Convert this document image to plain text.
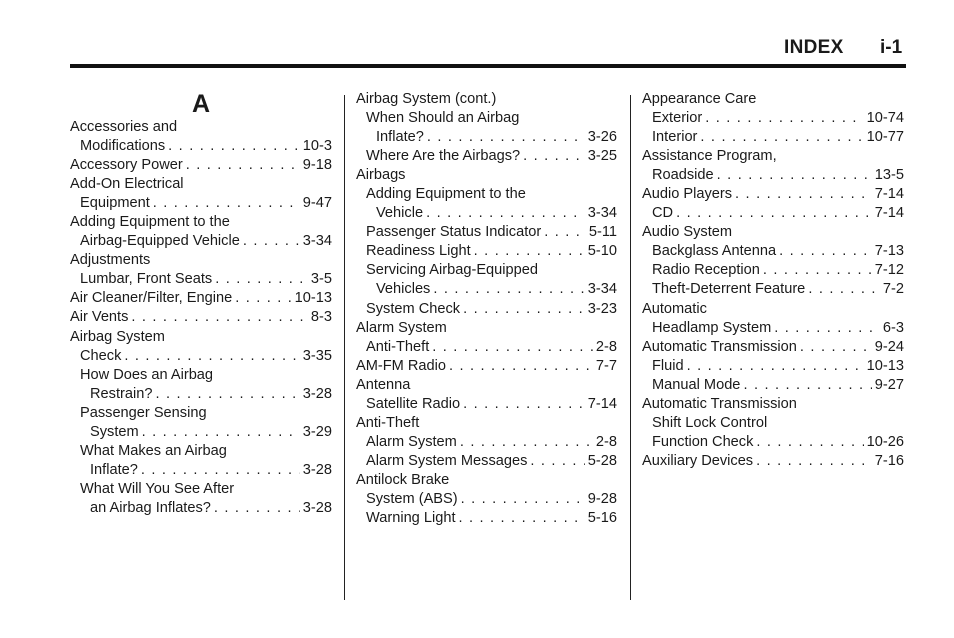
INDEX i-1
A
Accessories and
Modifications . . .	10-3
Accessory Power . . .	9-18
Add-On Electrical
Equipment . . .	9-47
Adding Equipment to the
Airbag-Equipped Vehicle . . .	3-34
Adjustments
Lumbar, Front Seats . . .	3-5
Air Cleaner/Filter, Engine . . .	10-13
Air Vents . . .	8-3
Airbag System
Check . . .	3-35
How Does an Airbag
Restrain? . . .	3-28
Passenger Sensing
System . . .	3-29
What Makes an Airbag
Inflate? . . .	3-28
What Will You See After
an Airbag Inflates? . . .	3-28
Airbag System (cont.)
When Should an Airbag
Inflate? . . .	3-26
Where Are the Airbags? . . .	3-25
Airbags
Adding Equipment to the
Vehicle . . .	3-34
Passenger Status Indicator . . .	5-11
Readiness Light . . .	5-10
Servicing Airbag-Equipped
Vehicles . . .	3-34
System Check . . .	3-23
Alarm System
Anti-Theft . . .	2-8
AM-FM Radio . . .	7-7
Antenna
Satellite Radio . . .	7-14
Anti-Theft
Alarm System . . .	2-8
Alarm System Messages . . .	5-28
Antilock Brake
System (ABS) . . .	9-28
Warning Light . . .	5-16
Appearance Care
Exterior . . .	10-74
Interior . . .	10-77
Assistance Program,
Roadside . . .	13-5
Audio Players . . .	7-14
CD . . .	7-14
Audio System
Backglass Antenna . . .	7-13
Radio Reception . . .	7-12
Theft-Deterrent Feature . . .	7-2
Automatic
Headlamp System . . .	6-3
Automatic Transmission . . .	9-24
Fluid . . .	10-13
Manual Mode . . .	9-27
Automatic Transmission
Shift Lock Control
Function Check . . .	10-26
Auxiliary Devices . . .	7-16
